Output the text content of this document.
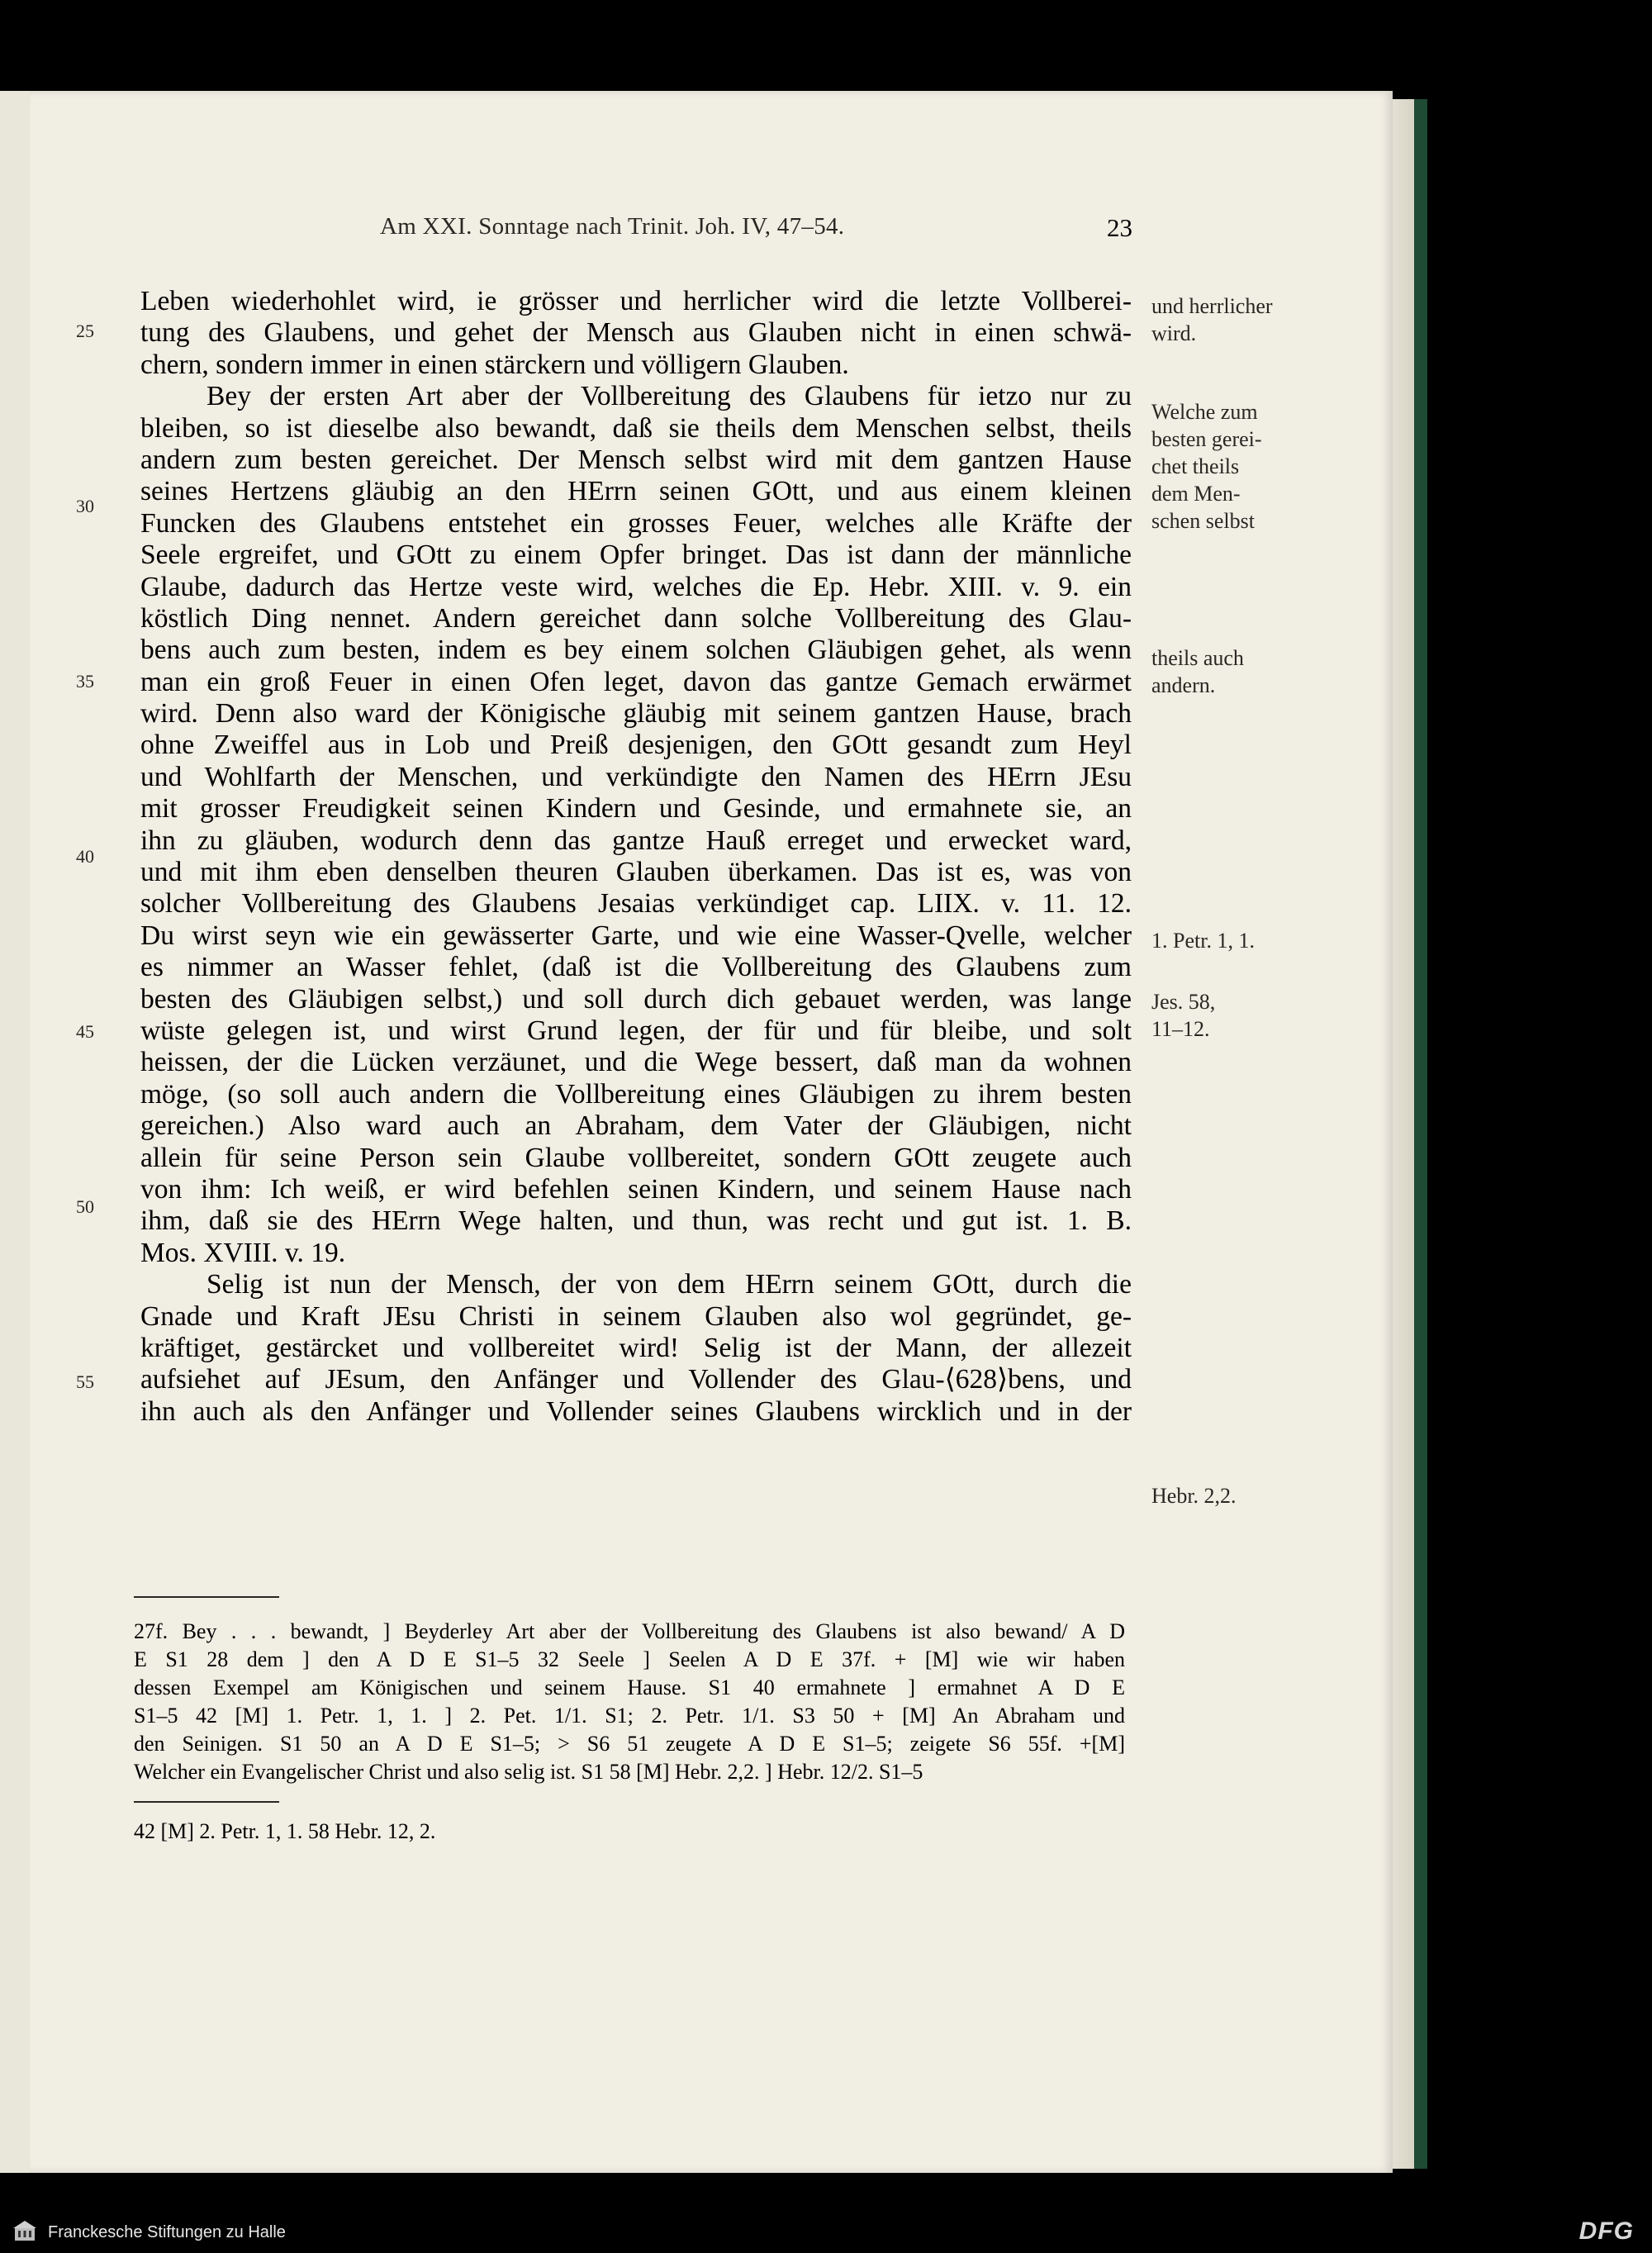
Am XXI. Sonntage nach Trinit. Joh. IV, 47–54.	23
25
30
35
40
45
50
55
Leben wiederhohlet wird, ie grösser und herrlicher wird die letzte Vollberei-
tung des Glaubens, und gehet der Mensch aus Glauben nicht in einen schwä-
chern, sondern immer in einen stärckern und völligern Glauben.
Bey der ersten Art aber der Vollbereitung des Glaubens für ietzo nur zu
bleiben, so ist dieselbe also bewandt, daß sie theils dem Menschen selbst, theils
andern zum besten gereichet. Der Mensch selbst wird mit dem gantzen Hause
seines Hertzens gläubig an den HErrn seinen GOtt, und aus einem kleinen
Funcken des Glaubens entstehet ein grosses Feuer, welches alle Kräfte der
Seele ergreifet, und GOtt zu einem Opfer bringet. Das ist dann der männliche
Glaube, dadurch das Hertze veste wird, welches die Ep. Hebr. XIII. v. 9. ein
köstlich Ding nennet. Andern gereichet dann solche Vollbereitung des Glau-
bens auch zum besten, indem es bey einem solchen Gläubigen gehet, als wenn
man ein groß Feuer in einen Ofen leget, davon das gantze Gemach erwärmet
wird. Denn also ward der Königische gläubig mit seinem gantzen Hause, brach
ohne Zweiffel aus in Lob und Preiß desjenigen, den GOtt gesandt zum Heyl
und Wohlfarth der Menschen, und verkündigte den Namen des HErrn JEsu
mit grosser Freudigkeit seinen Kindern und Gesinde, und ermahnete sie, an
ihn zu gläuben, wodurch denn das gantze Hauß erreget und erwecket ward,
und mit ihm eben denselben theuren Glauben überkamen. Das ist es, was von
solcher Vollbereitung des Glaubens Jesaias verkündiget cap. LIIX. v. 11. 12.
Du wirst seyn wie ein gewässerter Garte, und wie eine Wasser-Qvelle, welcher
es nimmer an Wasser fehlet, (daß ist die Vollbereitung des Glaubens zum
besten des Gläubigen selbst,) und soll durch dich gebauet werden, was lange
wüste gelegen ist, und wirst Grund legen, der für und für bleibe, und solt
heissen, der die Lücken verzäunet, und die Wege bessert, daß man da wohnen
möge, (so soll auch andern die Vollbereitung eines Gläubigen zu ihrem besten
gereichen.) Also ward auch an Abraham, dem Vater der Gläubigen, nicht
allein für seine Person sein Glaube vollbereitet, sondern GOtt zeugete auch
von ihm: Ich weiß, er wird befehlen seinen Kindern, und seinem Hause nach
ihm, daß sie des HErrn Wege halten, und thun, was recht und gut ist. 1. B.
Mos. XVIII. v. 19.
Selig ist nun der Mensch, der von dem HErrn seinem GOtt, durch die
Gnade und Kraft JEsu Christi in seinem Glauben also wol gegründet, ge-
kräftiget, gestärcket und vollbereitet wird! Selig ist der Mann, der allezeit
aufsiehet auf JEsum, den Anfänger und Vollender des Glau-⟨628⟩bens, und
ihn auch als den Anfänger und Vollender seines Glaubens wircklich und in der
und herrlicher
wird.
Welche zum
besten gerei-
chet theils
dem Men-
schen selbst
theils auch
andern.
1. Petr. 1, 1.
Jes. 58,
11–12.
Hebr. 2,2.
27f. Bey . . . bewandt, ] Beyderley Art aber der Vollbereitung des Glaubens ist also bewand/ A D
E S1 28 dem ] den A D E S1–5 32 Seele ] Seelen A D E 37f. + [M] wie wir haben
dessen Exempel am Königischen und seinem Hause. S1 40 ermahnete ] ermahnet A D E
S1–5 42 [M] 1. Petr. 1, 1. ] 2. Pet. 1/1. S1; 2. Petr. 1/1. S3 50 + [M] An Abraham und
den Seinigen. S1 50 an A D E S1–5; > S6 51 zeugete A D E S1–5; zeigete S6 55f. +[M]
Welcher ein Evangelischer Christ und also selig ist. S1 58 [M] Hebr. 2,2. ] Hebr. 12/2. S1–5
42 [M] 2. Petr. 1, 1. 58 Hebr. 12, 2.
Franckesche Stiftungen zu Halle	DFG
